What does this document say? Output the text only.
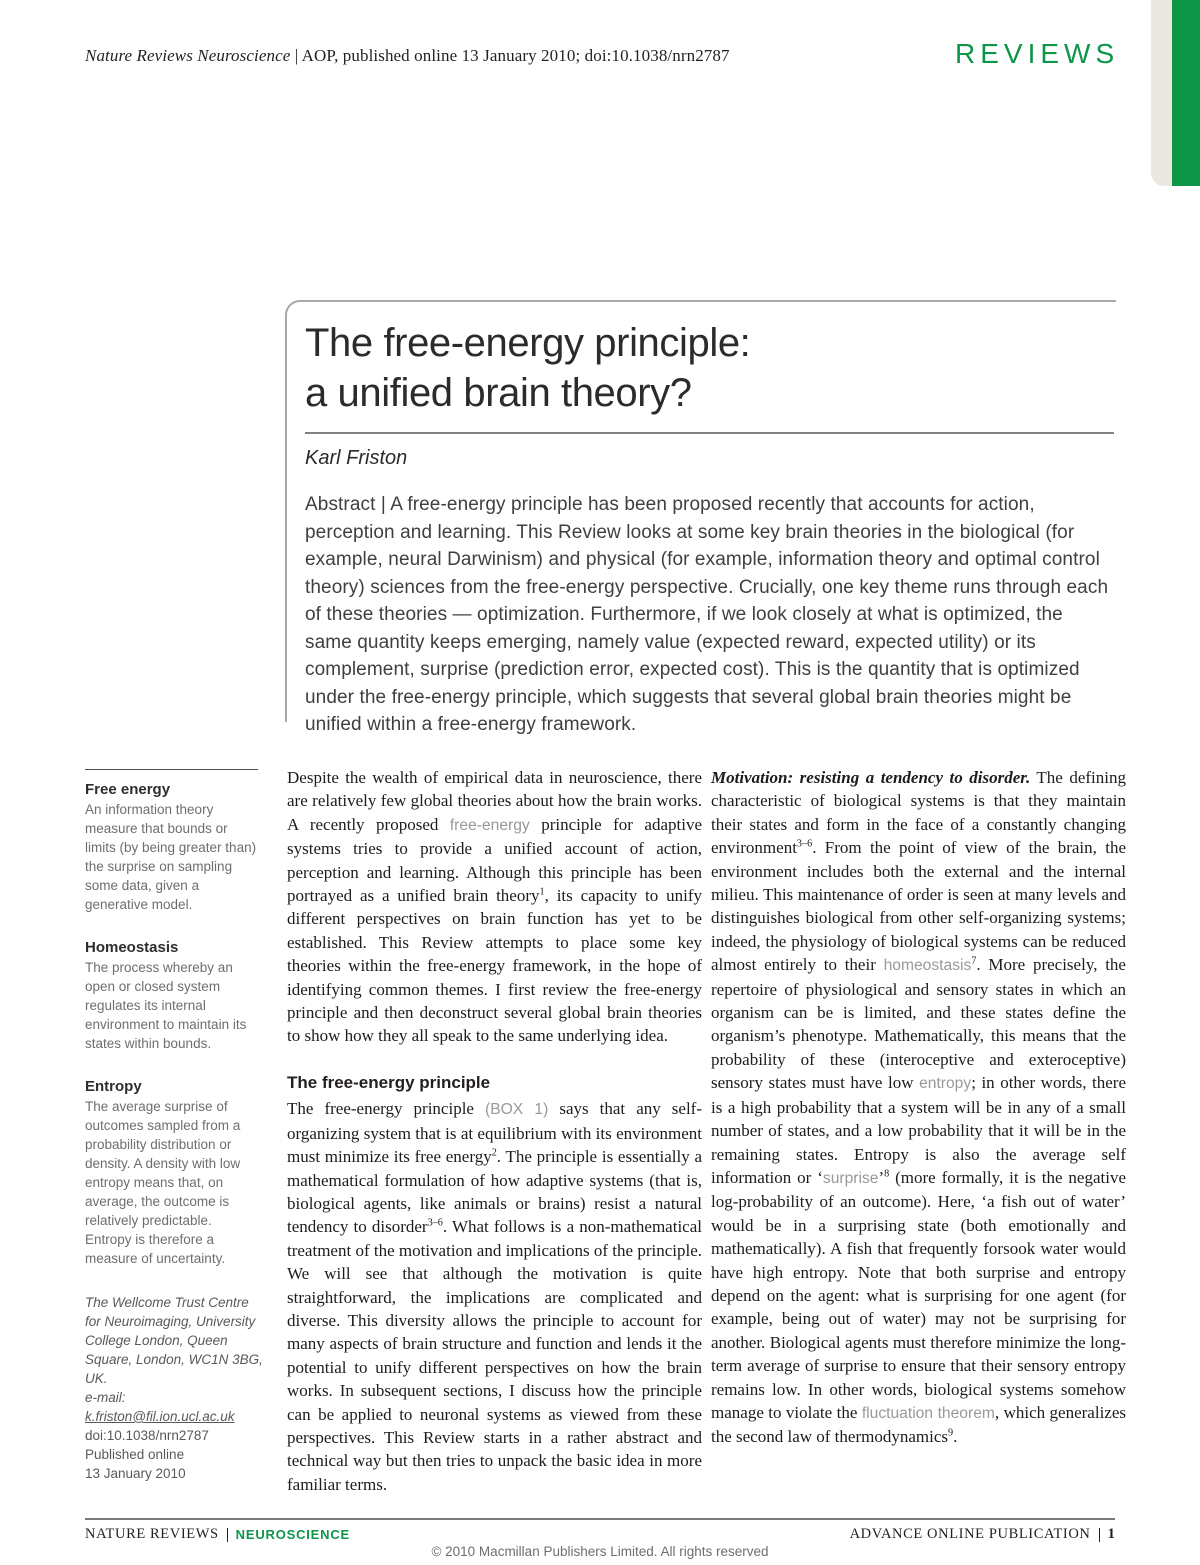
Nature Reviews Neuroscience | AOP, published online 13 January 2010; doi:10.1038/nrn2787	REVIEWS
The free-energy principle:
a unified brain theory?
Karl Friston
Abstract | A free-energy principle has been proposed recently that accounts for action, perception and learning. This Review looks at some key brain theories in the biological (for example, neural Darwinism) and physical (for example, information theory and optimal control theory) sciences from the free-energy perspective. Crucially, one key theme runs through each of these theories — optimization. Furthermore, if we look closely at what is optimized, the same quantity keeps emerging, namely value (expected reward, expected utility) or its complement, surprise (prediction error, expected cost). This is the quantity that is optimized under the free-energy principle, which suggests that several global brain theories might be unified within a free-energy framework.
Free energy
An information theory measure that bounds or limits (by being greater than) the surprise on sampling some data, given a generative model.
Homeostasis
The process whereby an open or closed system regulates its internal environment to maintain its states within bounds.
Entropy
The average surprise of outcomes sampled from a probability distribution or density. A density with low entropy means that, on average, the outcome is relatively predictable. Entropy is therefore a measure of uncertainty.
The Wellcome Trust Centre for Neuroimaging, University College London, Queen Square, London, WC1N 3BG, UK.
e-mail:
k.friston@fil.ion.ucl.ac.uk
doi:10.1038/nrn2787
Published online
13 January 2010

Despite the wealth of empirical data in neuroscience, there are relatively few global theories about how the brain works. A recently proposed free-energy principle for adaptive systems tries to provide a unified account of action, perception and learning. Although this principle has been portrayed as a unified brain theory$^1$, its capacity to unify different perspectives on brain function has yet to be established. This Review attempts to place some key theories within the free-energy framework, in the hope of identifying common themes. I first review the free-energy principle and then deconstruct several global brain theories to show how they all speak to the same underlying idea.

The free-energy principle

The free-energy principle (BOX 1) says that any self-organizing system that is at equilibrium with its environment must minimize its free energy$^2$. The principle is essentially a mathematical formulation of how adaptive systems (that is, biological agents, like animals or brains) resist a natural tendency to disorder$^{3-6}$. What follows is a non-mathematical treatment of the motivation and implications of the principle. We will see that although the motivation is quite straightforward, the implications are complicated and diverse. This diversity allows the principle to account for many aspects of brain structure and function and lends it the potential to unify different perspectives on how the brain works. In subsequent sections, I discuss how the principle can be applied to neuronal systems as viewed from these perspectives. This Review starts in a rather abstract and technical way but then tries to unpack the basic idea in more familiar terms.

Motivation: resisting a tendency to disorder. The defining characteristic of biological systems is that they maintain their states and form in the face of a constantly changing environment$^{3-6}$. From the point of view of the brain, the environment includes both the external and the internal milieu. This maintenance of order is seen at many levels and distinguishes biological from other self-organizing systems; indeed, the physiology of biological systems can be reduced almost entirely to their homeostasis$^7$. More precisely, the repertoire of physiological and sensory states in which an organism can be is limited, and these states define the organism’s phenotype. Mathematically, this means that the probability of these (interoceptive and exteroceptive) sensory states must have low entropy; in other words, there is a high probability that a system will be in any of a small number of states, and a low probability that it will be in the remaining states. Entropy is also the average self information or ‘surprise’$^8$ (more formally, it is the negative log-probability of an outcome). Here, ‘a fish out of water’ would be in a surprising state (both emotionally and mathematically). A fish that frequently forsook water would have high entropy. Note that both surprise and entropy depend on the agent: what is surprising for one agent (for example, being out of water) may not be surprising for another. Biological agents must therefore minimize the long-term average of surprise to ensure that their sensory entropy remains low. In other words, biological systems somehow manage to violate the fluctuation theorem, which generalizes the second law of thermodynamics$^9$.

NATURE REVIEWS NEUROSCIENCE	ADVANCE ONLINE PUBLICATION 1
© 2010 Macmillan Publishers Limited. All rights reserved
